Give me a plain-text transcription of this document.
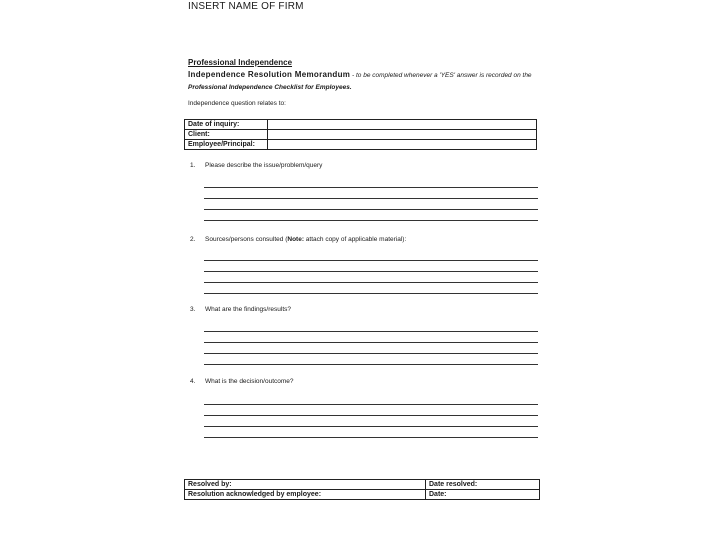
INSERT NAME OF FIRM
Professional Independence
Independence Resolution Memorandum - to be completed whenever a 'YES' answer is recorded on the Professional Independence Checklist for Employees.
Independence question relates to:
Date of inquiry:	
Client:	
Employee/Principal:	
1. Please describe the issue/problem/query
2. Sources/persons consulted (Note: attach copy of applicable material):
3. What are the findings/results?
4. What is the decision/outcome?
Resolved by:	Date resolved:
Resolution acknowledged by employee:	Date:
